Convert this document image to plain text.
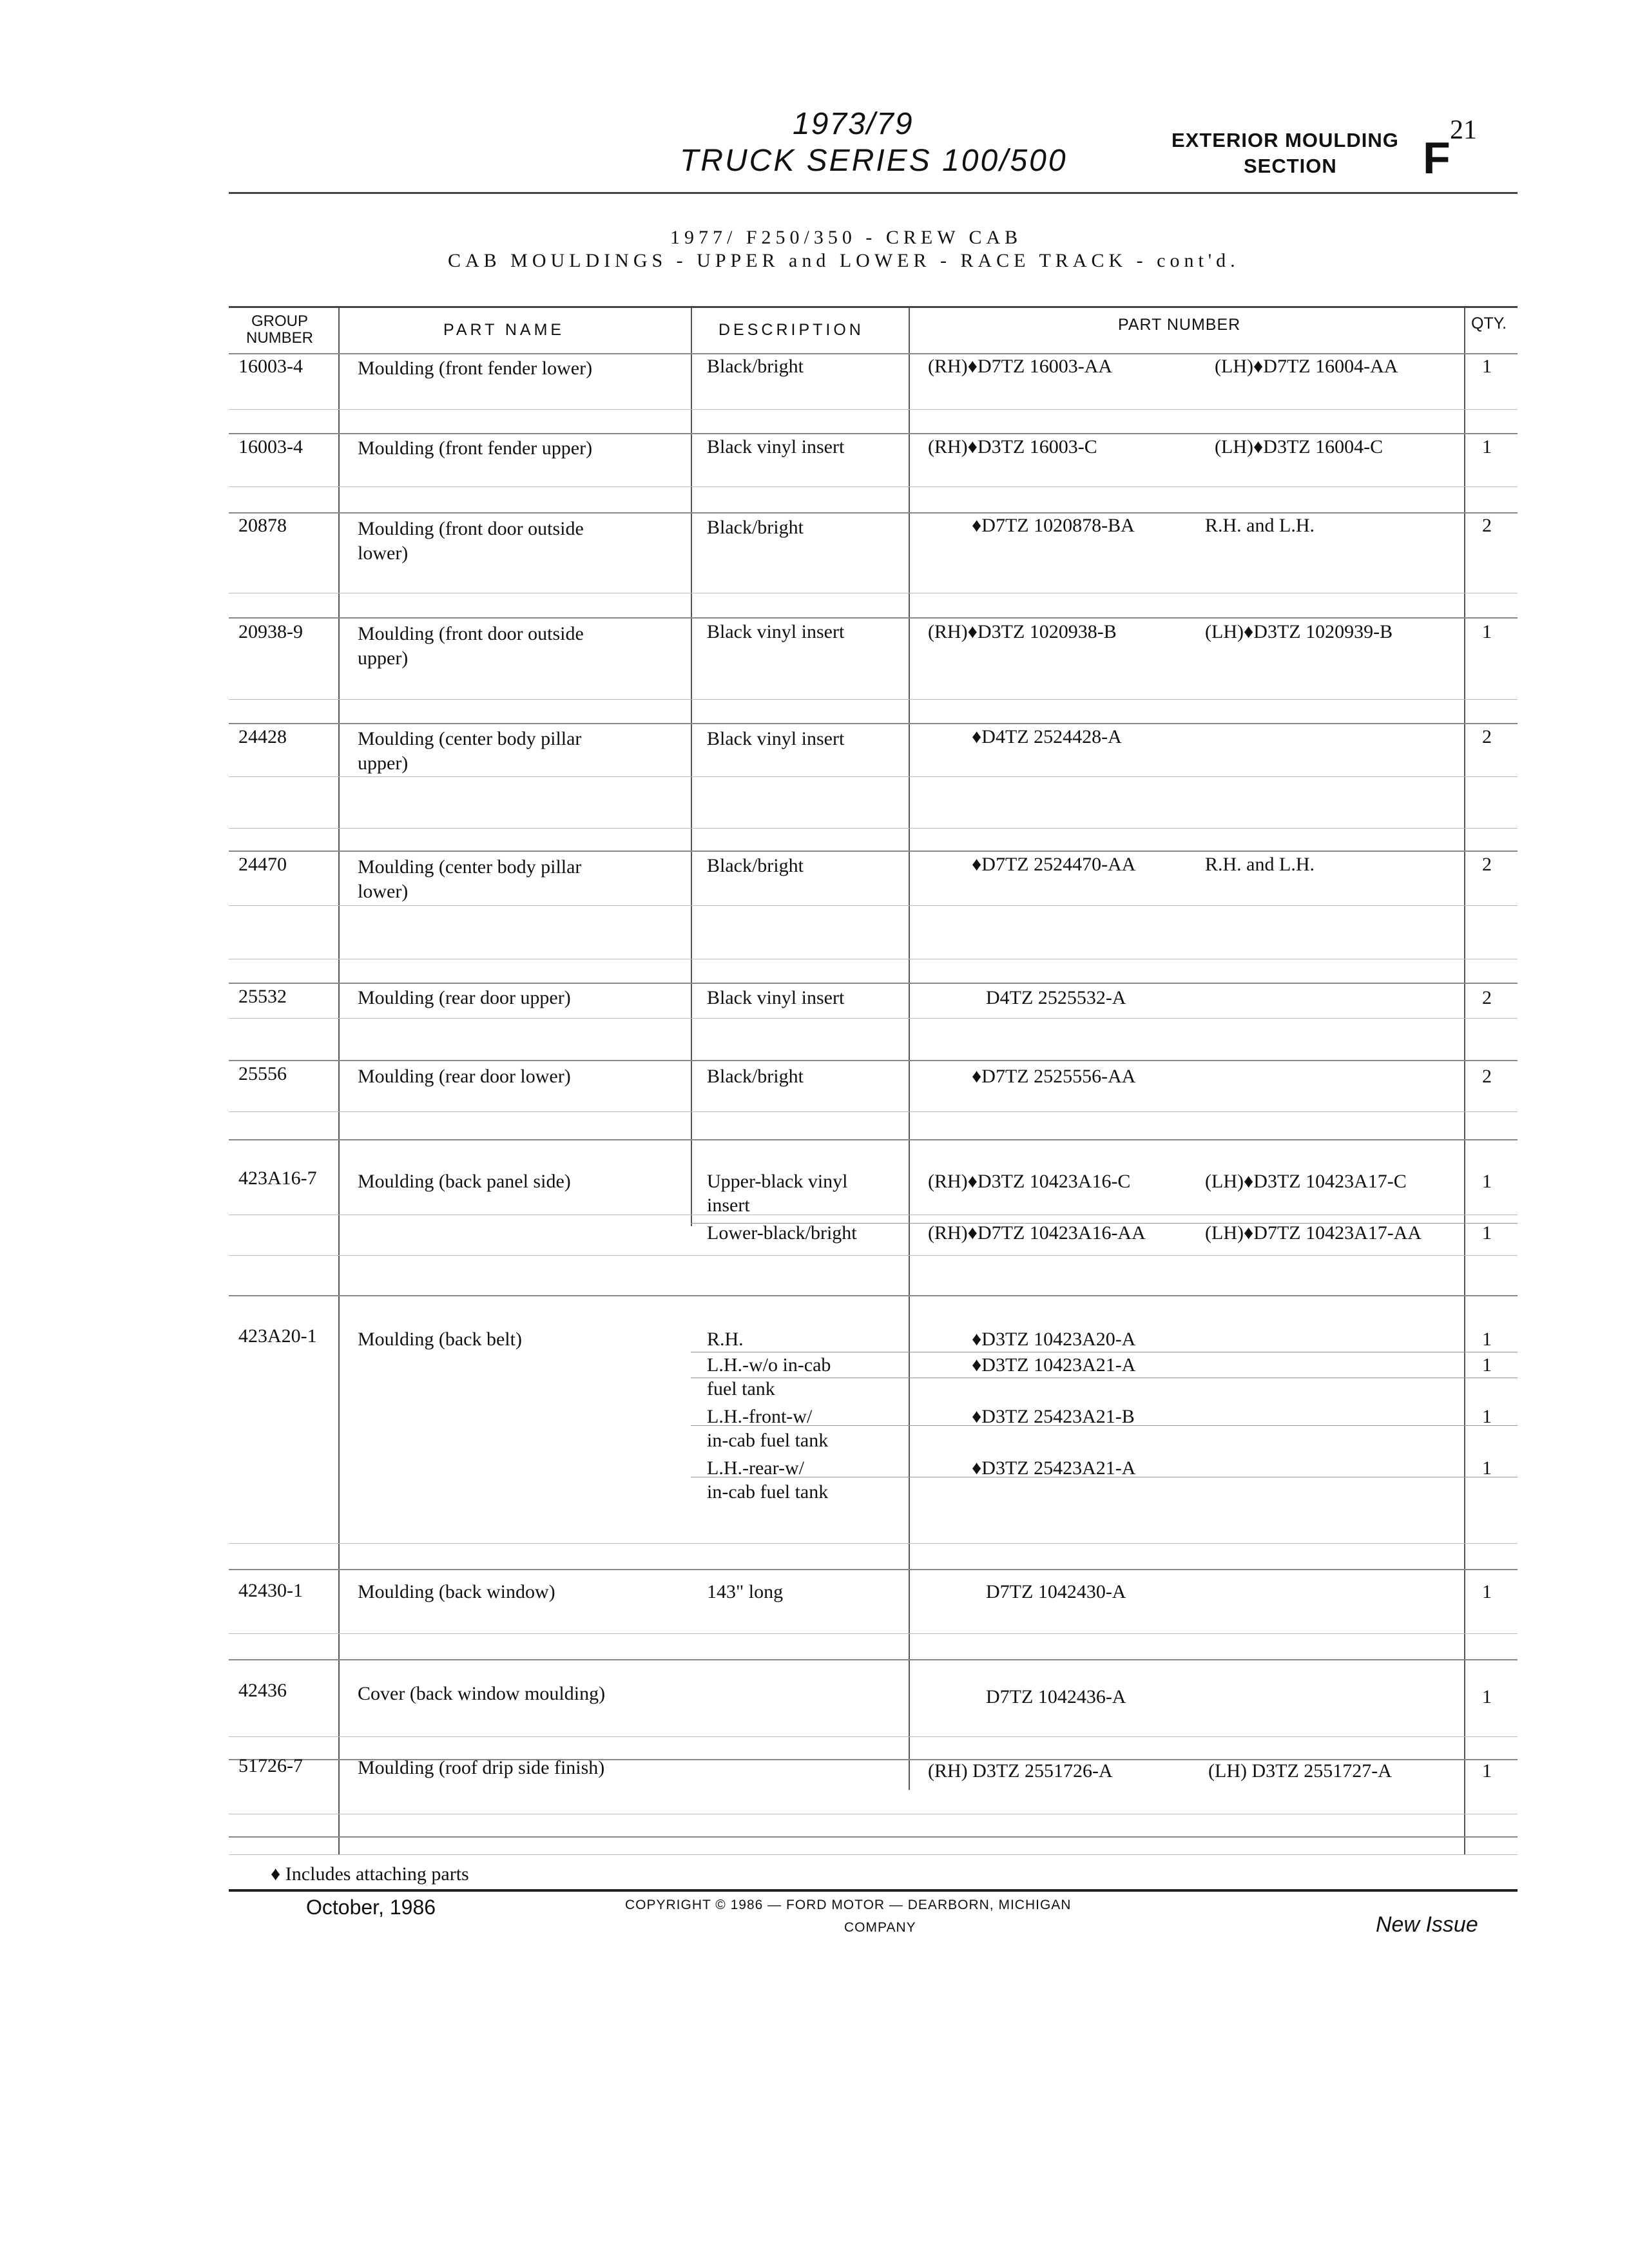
1973/79
TRUCK SERIES 100/500
EXTERIOR MOULDING
SECTION F
21
1977/ F250/350 - CREW CAB
CAB MOULDINGS - UPPER and LOWER - RACE TRACK - cont'd.
GROUP
NUMBER	PART NAME	DESCRIPTION	PART NUMBER	QTY.
16003-4	Moulding (front fender lower)	Black/bright	(RH)♦D7TZ 16003-AA	(LH)♦D7TZ 16004-AA	1
16003-4	Moulding (front fender upper)	Black vinyl insert	(RH)♦D3TZ 16003-C	(LH)♦D3TZ 16004-C	1
20878	Moulding (front door outside
lower)
Black/bright	♦D7TZ 1020878-BA	R.H. and L.H.	2
20938-9	Moulding (front door outside
upper)
Black vinyl insert	(RH)♦D3TZ 1020938-B	(LH)♦D3TZ 1020939-B	1
24428	Moulding (center body pillar
upper)
Black vinyl insert	♦D4TZ 2524428-A	2
24470	Moulding (center body pillar
lower)
Black/bright	♦D7TZ 2524470-AA	R.H. and L.H.	2
25532	Moulding (rear door upper)	Black vinyl insert	D4TZ 2525532-A	2
25556	Moulding (rear door lower)	Black/bright	♦D7TZ 2525556-AA	2
423A16-7 Moulding (back panel side)	Upper-black vinyl
insert
(RH)♦D3TZ 10423A16-C	(LH)♦D3TZ 10423A17-C	1
Lower-black/bright	(RH)♦D7TZ 10423A16-AA	(LH)♦D7TZ 10423A17-AA	1
423A20-1 Moulding (back belt)	R.H.	♦D3TZ 10423A20-A	1
L.H.-w/o in-cab
fuel tank
♦D3TZ 10423A21-A	1
L.H.-front-w/
in-cab fuel tank
♦D3TZ 25423A21-B	1
L.H.-rear-w/
in-cab fuel tank
♦D3TZ 25423A21-A	1
42430-1	Moulding (back window)	143" long	D7TZ 1042430-A	1
42436	Cover (back window moulding)	D7TZ 1042436-A	1
51726-7	Moulding (roof drip side finish)	(RH) D3TZ 2551726-A	(LH) D3TZ 2551727-A	1
♦ Includes attaching parts
October, 1986	COPYRIGHT © 1986 — FORD MOTOR — DEARBORN, MICHIGAN
COMPANY	New Issue
